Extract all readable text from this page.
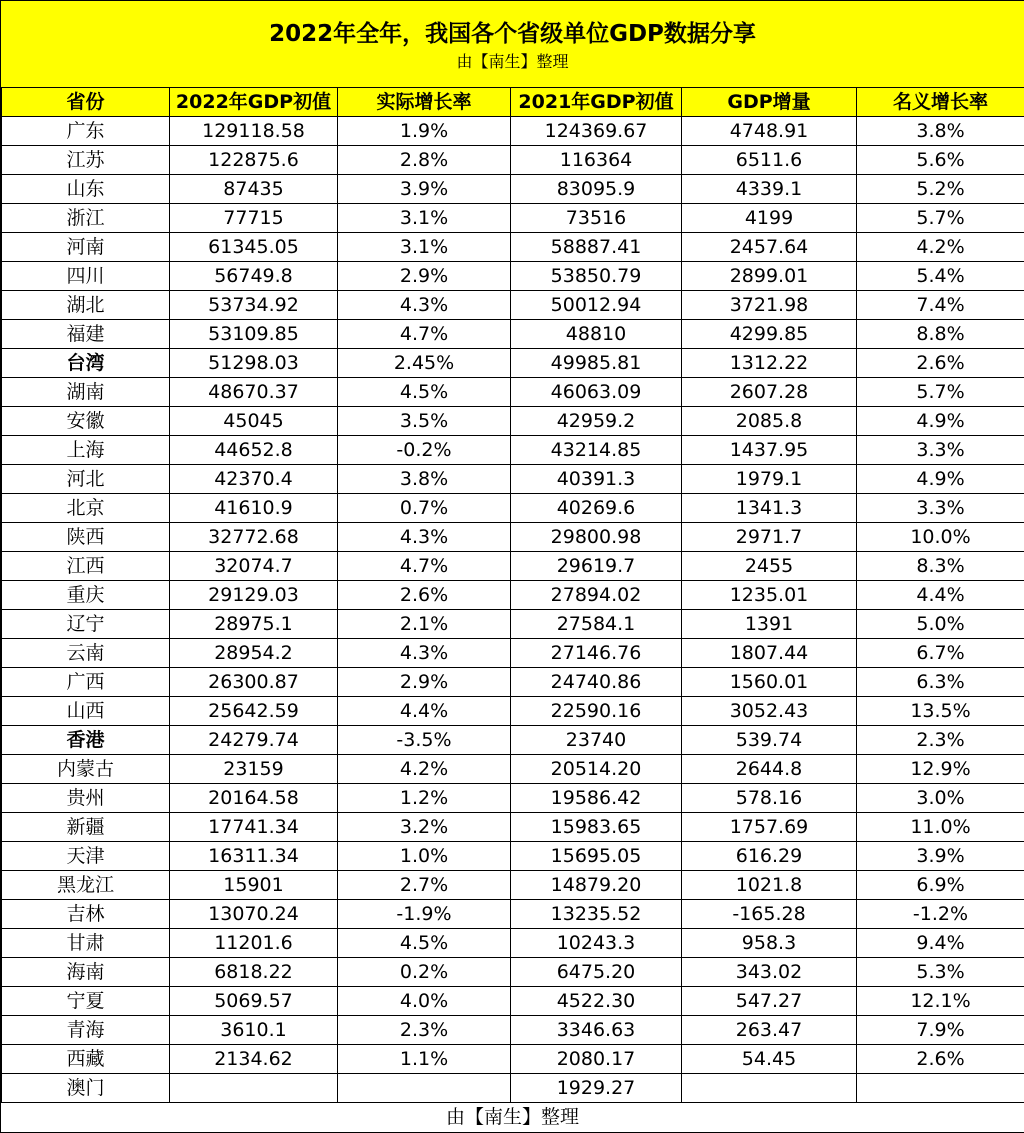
2022年全年，我国各个省级单位GDP数据分享
由【南生】整理
省份	2022年GDP初值	实际增长率	2021年GDP初值	GDP增量	名义增长率
广东	129118.58	1.9%	124369.67	4748.91	3.8%
江苏	122875.6	2.8%	116364	6511.6	5.6%
山东	87435	3.9%	83095.9	4339.1	5.2%
浙江	77715	3.1%	73516	4199	5.7%
河南	61345.05	3.1%	58887.41	2457.64	4.2%
四川	56749.8	2.9%	53850.79	2899.01	5.4%
湖北	53734.92	4.3%	50012.94	3721.98	7.4%
福建	53109.85	4.7%	48810	4299.85	8.8%
台湾	51298.03	2.45%	49985.81	1312.22	2.6%
湖南	48670.37	4.5%	46063.09	2607.28	5.7%
安徽	45045	3.5%	42959.2	2085.8	4.9%
上海	44652.8	-0.2%	43214.85	1437.95	3.3%
河北	42370.4	3.8%	40391.3	1979.1	4.9%
北京	41610.9	0.7%	40269.6	1341.3	3.3%
陕西	32772.68	4.3%	29800.98	2971.7	10.0%
江西	32074.7	4.7%	29619.7	2455	8.3%
重庆	29129.03	2.6%	27894.02	1235.01	4.4%
辽宁	28975.1	2.1%	27584.1	1391	5.0%
云南	28954.2	4.3%	27146.76	1807.44	6.7%
广西	26300.87	2.9%	24740.86	1560.01	6.3%
山西	25642.59	4.4%	22590.16	3052.43	13.5%
香港	24279.74	-3.5%	23740	539.74	2.3%
内蒙古	23159	4.2%	20514.20	2644.8	12.9%
贵州	20164.58	1.2%	19586.42	578.16	3.0%
新疆	17741.34	3.2%	15983.65	1757.69	11.0%
天津	16311.34	1.0%	15695.05	616.29	3.9%
黑龙江	15901	2.7%	14879.20	1021.8	6.9%
吉林	13070.24	-1.9%	13235.52	-165.28	-1.2%
甘肃	11201.6	4.5%	10243.3	958.3	9.4%
海南	6818.22	0.2%	6475.20	343.02	5.3%
宁夏	5069.57	4.0%	4522.30	547.27	12.1%
青海	3610.1	2.3%	3346.63	263.47	7.9%
西藏	2134.62	1.1%	2080.17	54.45	2.6%
澳门			1929.27		
由【南生】整理
